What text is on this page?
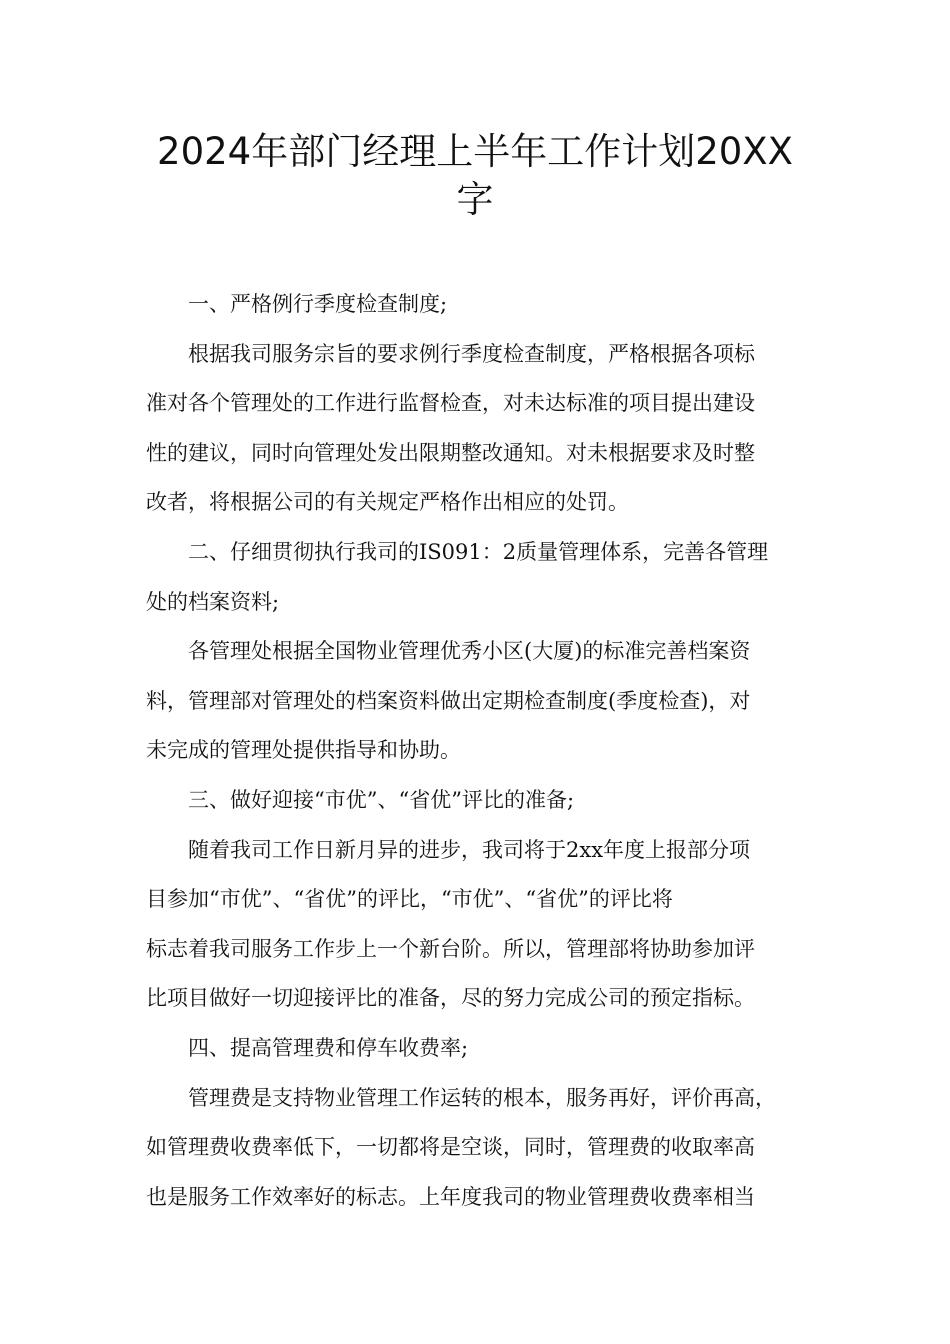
2024年部门经理上半年工作计划20XX
字

一、严格例行季度检查制度;

根据我司服务宗旨的要求例行季度检查制度，严格根据各项标
准对各个管理处的工作进行监督检查，对未达标准的项目提出建设
性的建议，同时向管理处发出限期整改通知。对未根据要求及时整
改者，将根据公司的有关规定严格作出相应的处罚。

二、仔细贯彻执行我司的IS091：2质量管理体系，完善各管理
处的档案资料;

各管理处根据全国物业管理优秀小区(大厦)的标准完善档案资
料，管理部对管理处的档案资料做出定期检查制度(季度检查)，对
未完成的管理处提供指导和协助。

三、做好迎接“市优”、“省优”评比的准备;

随着我司工作日新月异的进步，我司将于2xx年度上报部分项
目参加“市优”、“省优”的评比，“市优”、“省优”的评比将
标志着我司服务工作步上一个新台阶。所以，管理部将协助参加评
比项目做好一切迎接评比的准备，尽的努力完成公司的预定指标。

四、提高管理费和停车收费率;

管理费是支持物业管理工作运转的根本，服务再好，评价再高，
如管理费收费率低下，一切都将是空谈，同时，管理费的收取率高
也是服务工作效率好的标志。上年度我司的物业管理费收费率相当
